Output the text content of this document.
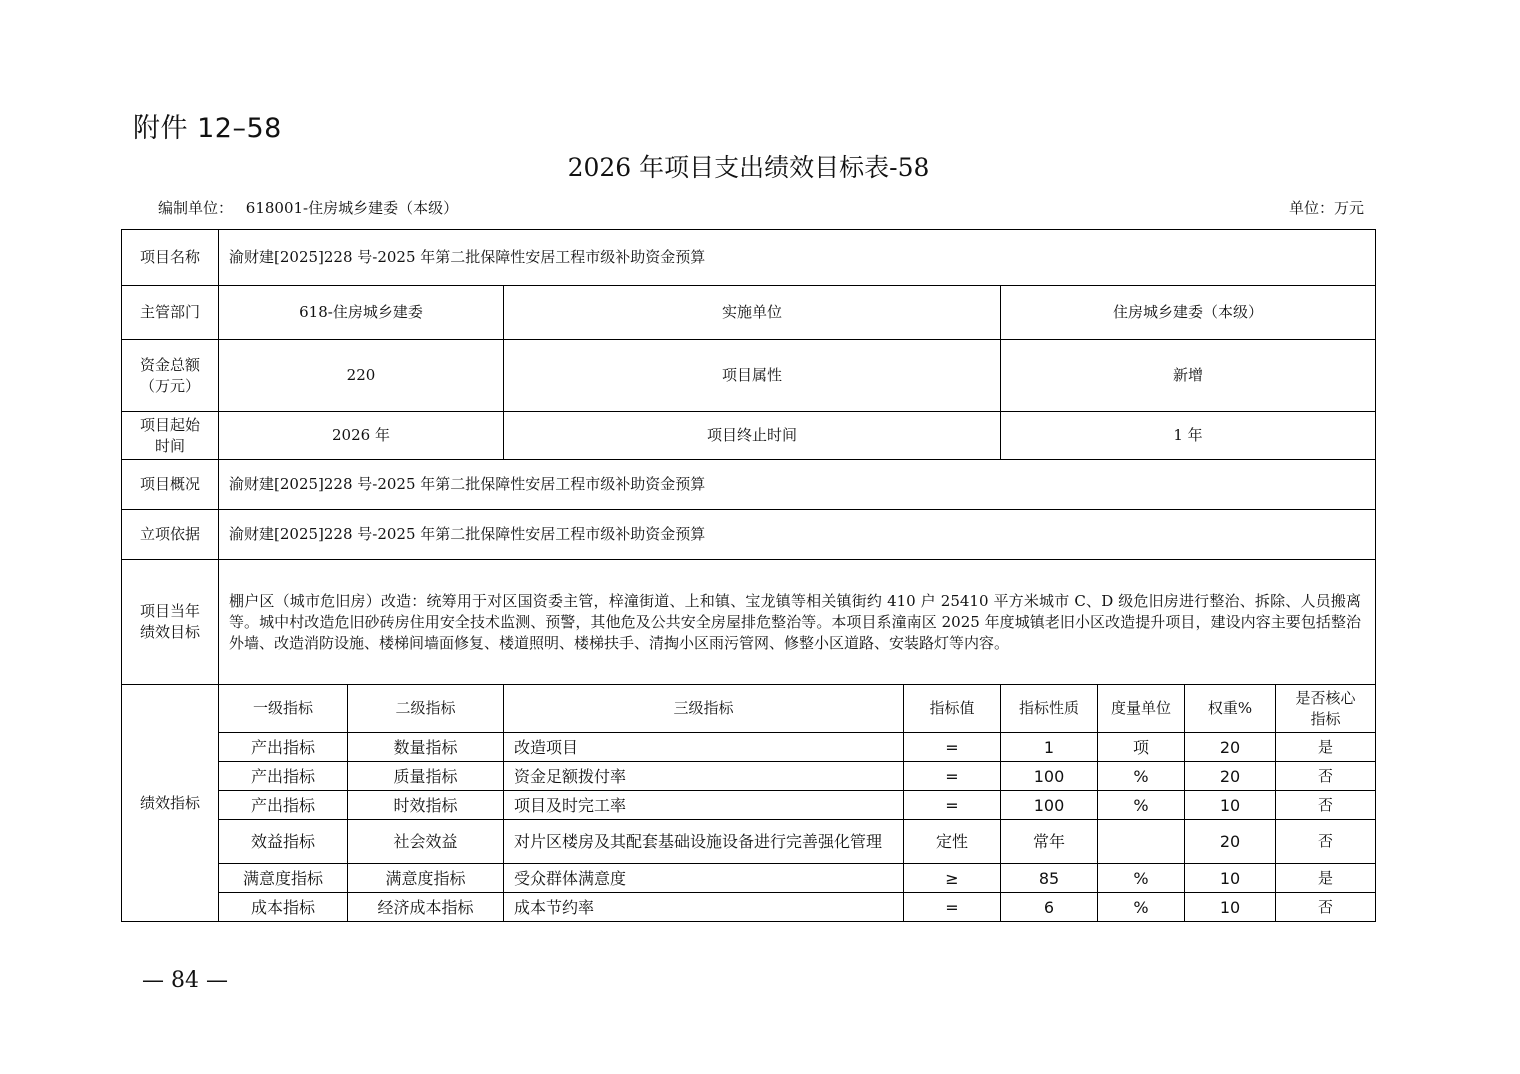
附件 12–58
2026 年项目支出绩效目标表-58
编制单位： 618001-住房城乡建委（本级）	单位：万元
项目名称	渝财建[2025]228 号-2025 年第二批保障性安居工程市级补助资金预算							
主管部门	618-住房城乡建委		实施单位		住房城乡建委（本级）			
资金总额（万元）	220		项目属性		新增			
项目起始时间	2026 年		项目终止时间		1 年			
项目概况	渝财建[2025]228 号-2025 年第二批保障性安居工程市级补助资金预算							
立项依据	渝财建[2025]228 号-2025 年第二批保障性安居工程市级补助资金预算							
项目当年绩效目标	棚户区（城市危旧房）改造：统筹用于对区国资委主管，梓潼街道、上和镇、宝龙镇等相关镇街约 410 户 25410 平方米城市 C、D 级危旧房进行整治、拆除、人员搬离等。城中村改造危旧砂砖房住用安全技术监测、预警，其他危及公共安全房屋排危整治等。本项目系潼南区 2025 年度城镇老旧小区改造提升项目，建设内容主要包括整治外墙、改造消防设施、楼梯间墙面修复、楼道照明、楼梯扶手、清掏小区雨污管网、修整小区道路、安装路灯等内容。							
绩效指标	一级指标	二级指标	三级指标	指标值	指标性质	度量单位	权重%	是否核心指标
	产出指标	数量指标	改造项目	=	1	项	20	是
	产出指标	质量指标	资金足额拨付率	=	100	%	20	否
	产出指标	时效指标	项目及时完工率	=	100	%	10	否
	效益指标	社会效益	对片区楼房及其配套基础设施设备进行完善强化管理	定性	常年		20	否
	满意度指标	满意度指标	受众群体满意度	≥	85	%	10	是
	成本指标	经济成本指标	成本节约率	=	6	%	10	否
— 84 —
